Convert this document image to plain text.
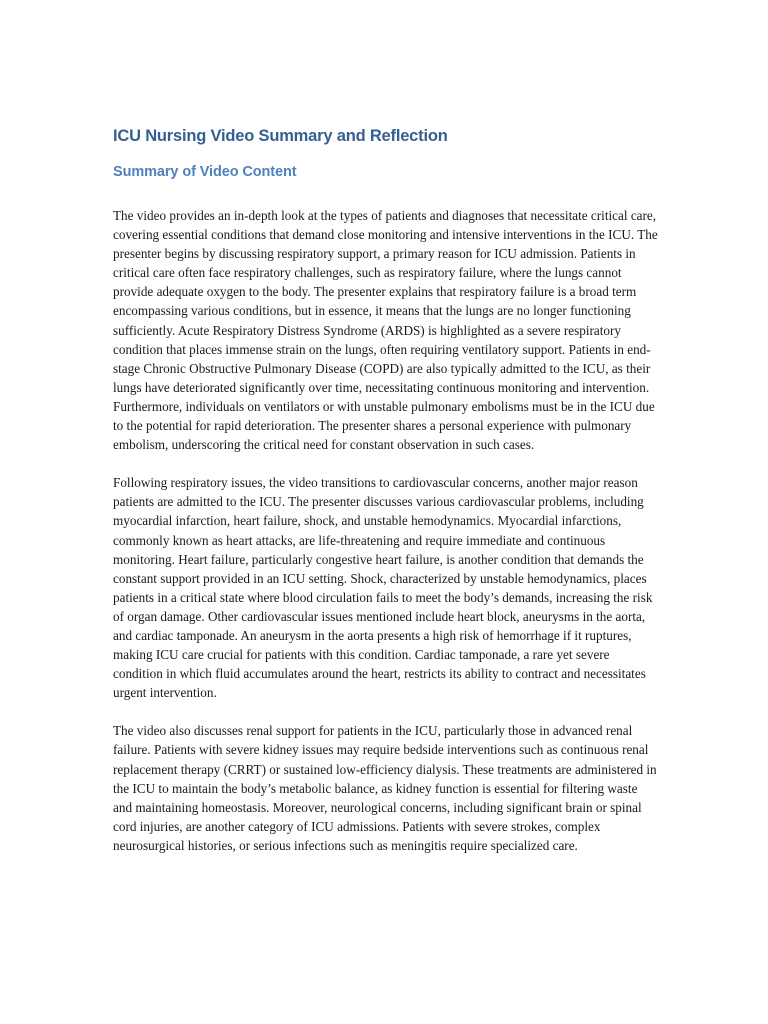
ICU Nursing Video Summary and Reflection
Summary of Video Content

The video provides an in-depth look at the types of patients and diagnoses that necessitate critical care, covering essential conditions that demand close monitoring and intensive interventions in the ICU. The presenter begins by discussing respiratory support, a primary reason for ICU admission. Patients in critical care often face respiratory challenges, such as respiratory failure, where the lungs cannot provide adequate oxygen to the body. The presenter explains that respiratory failure is a broad term encompassing various conditions, but in essence, it means that the lungs are no longer functioning sufficiently. Acute Respiratory Distress Syndrome (ARDS) is highlighted as a severe respiratory condition that places immense strain on the lungs, often requiring ventilatory support. Patients in end-stage Chronic Obstructive Pulmonary Disease (COPD) are also typically admitted to the ICU, as their lungs have deteriorated significantly over time, necessitating continuous monitoring and intervention. Furthermore, individuals on ventilators or with unstable pulmonary embolisms must be in the ICU due to the potential for rapid deterioration. The presenter shares a personal experience with pulmonary embolism, underscoring the critical need for constant observation in such cases.

Following respiratory issues, the video transitions to cardiovascular concerns, another major reason patients are admitted to the ICU. The presenter discusses various cardiovascular problems, including myocardial infarction, heart failure, shock, and unstable hemodynamics. Myocardial infarctions, commonly known as heart attacks, are life-threatening and require immediate and continuous monitoring. Heart failure, particularly congestive heart failure, is another condition that demands the constant support provided in an ICU setting. Shock, characterized by unstable hemodynamics, places patients in a critical state where blood circulation fails to meet the body’s demands, increasing the risk of organ damage. Other cardiovascular issues mentioned include heart block, aneurysms in the aorta, and cardiac tamponade. An aneurysm in the aorta presents a high risk of hemorrhage if it ruptures, making ICU care crucial for patients with this condition. Cardiac tamponade, a rare yet severe condition in which fluid accumulates around the heart, restricts its ability to contract and necessitates urgent intervention.

The video also discusses renal support for patients in the ICU, particularly those in advanced renal failure. Patients with severe kidney issues may require bedside interventions such as continuous renal replacement therapy (CRRT) or sustained low-efficiency dialysis. These treatments are administered in the ICU to maintain the body’s metabolic balance, as kidney function is essential for filtering waste and maintaining homeostasis. Moreover, neurological concerns, including significant brain or spinal cord injuries, are another category of ICU admissions. Patients with severe strokes, complex neurosurgical histories, or serious infections such as meningitis require specialized care.
